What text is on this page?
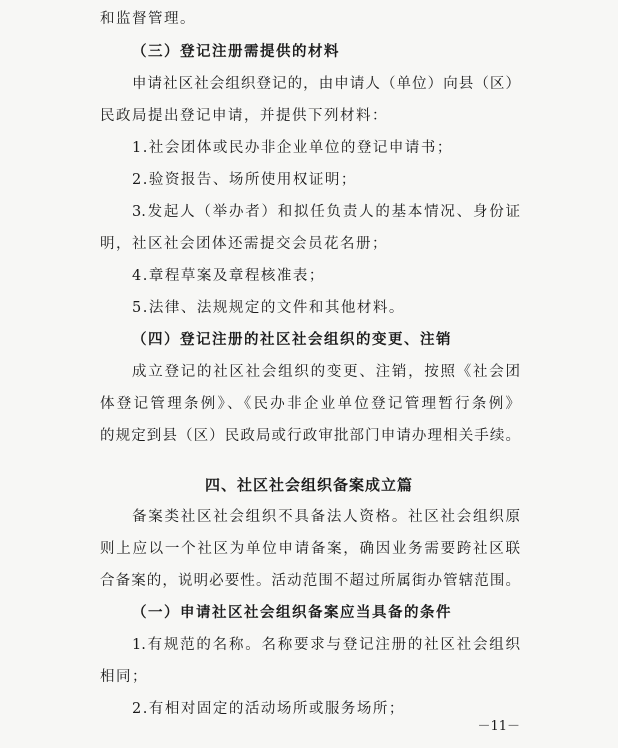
和监督管理。
（三）登记注册需提供的材料
申请社区社会组织登记的，由申请人（单位）向县（区）
民政局提出登记申请，并提供下列材料：
1.社会团体或民办非企业单位的登记申请书；
2.验资报告、场所使用权证明；
3.发起人（举办者）和拟任负责人的基本情况、身份证
明，社区社会团体还需提交会员花名册；
4.章程草案及章程核准表；
5.法律、法规规定的文件和其他材料。
（四）登记注册的社区社会组织的变更、注销
成立登记的社区社会组织的变更、注销，按照《社会团
体登记管理条例》、《民办非企业单位登记管理暂行条例》
的规定到县（区）民政局或行政审批部门申请办理相关手续。
四、社区社会组织备案成立篇
备案类社区社会组织不具备法人资格。社区社会组织原
则上应以一个社区为单位申请备案，确因业务需要跨社区联
合备案的，说明必要性。活动范围不超过所属街办管辖范围。
（一）申请社区社会组织备案应当具备的条件
1.有规范的名称。名称要求与登记注册的社区社会组织
相同；
2.有相对固定的活动场所或服务场所；
－11－
